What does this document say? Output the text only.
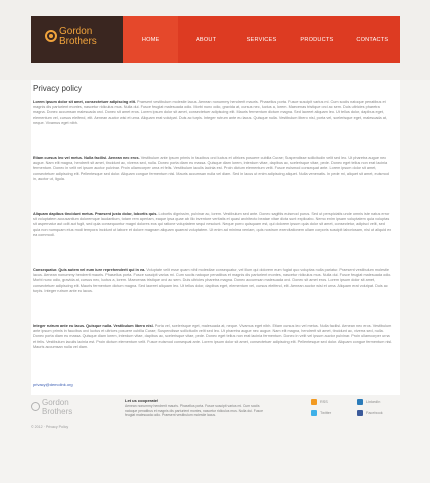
Gordon
Brothers	HOME	ABOUT	SERVICES	PRODUCTS	CONTACTS
Privacy policy
Lorem ipsum dolor sit amet, consectetuer adipiscing elit. Praesent vestibulum molestie lacus. Aenean nonummy hendrerit mauris. Phasellus porta. Fusce suscipit varius mi. Cum sociis natoque penatibus et magnis dis parturient montes, nascetur ridiculus mus. Nulla dui. Fusce feugiat malesuada odio. Morbi nunc odio, gravida at, cursus nec, luctus a, lorem. Maecenas tristique orci ac sem. Duis ultricies pharetra magna. Donec accumsan malesuada orci. Donec sit amet eros. Lorem ipsum dolor sit amet, consectetuer adipiscing elit. Mauris fermentum dictum magna. Sed laoreet aliquam leo. Ut tellus dolor, dapibus eget, elementum vel, cursus eleifend, elit. Aenean auctor wisi et urna. Aliquam erat volutpat. Duis ac turpis. Integer rutrum ante eu lacus. Quisque nulla. Vestibulum libero nisl, porta vel, scelerisque eget, malesuada at, neque. Vivamus eget nibh.
Etiam cursus leo vel metus. Nulla facilisi. Aenean nec eros. Vestibulum ante ipsum primis in faucibus orci luctus et ultrices posuere cubilia Curae; Suspendisse sollicitudin velit sed leo. Ut pharetra augue nec augue. Nam elit magna, hendrerit sit amet, tincidunt ac, viverra sed, nulla. Donec porta diam eu massa. Quisque diam lorem, interdum vitae, dapibus ac, scelerisque vitae, pede. Donec eget tellus non erat lacinia fermentum. Donec in velit vel ipsum auctor pulvinar. Proin ullamcorper urna et felis. Vestibulum iaculis lacinia est. Proin dictum elementum velit. Fusce euismod consequat ante. Lorem ipsum dolor sit amet, consectetuer adipiscing elit. Pellentesque sed dolor. Aliquam congue fermentum nisl. Mauris accumsan nulla vel diam. Sed in lacus ut enim adipiscing aliquet. Nulla venenatis. In pede mi, aliquet sit amet, euismod in, auctor ut, ligula.
Aliquam dapibus tincidunt metus. Praesent justo dolor, lobortis quis. Lobortis dignissim, pulvinar ac, lorem. Vestibulum sed ante. Donec sagittis euismod purus. Sed ut perspiciatis unde omnis iste natus error sit voluptatem accusantium doloremque laudantium, totam rem aperiam, eaque ipsa quae ab illo inventore veritatis et quasi architecto beatae vitae dicta sunt explicabo. Nemo enim ipsam voluptatem quia voluptas sit aspernatur aut odit aut fugit, sed quia consequuntur magni dolores eos qui ratione voluptatem sequi nesciunt. Neque porro quisquam est, qui dolorem ipsum quia dolor sit amet, consectetur, adipisci velit, sed quia non numquam eius modi tempora incidunt ut labore et dolore magnam aliquam quaerat voluptatem. Ut enim ad minima veniam, quis nostrum exercitationem ullam corporis suscipit laboriosam, nisi ut aliquid ex ea commodi.
Consequatur. Quis autem vel eum iure reprehenderit qui in ea. Voluptate velit esse quam nihil molestiae consequatur, vel illum qui dolorem eum fugiat quo voluptas nulla pariatur. Praesent vestibulum molestie lacus. Aenean nonummy hendrerit mauris. Phasellus porta. Fusce suscipit varius mi. Cum sociis natoque penatibus et magnis dis parturient montes, nascetur ridiculus mus. Nulla dui. Fusce feugiat malesuada odio. Morbi nunc odio, gravida at, cursus nec, luctus a, lorem. Maecenas tristique orci ac sem. Duis ultricies pharetra magna. Donec accumsan malesuada orci. Donec sit amet eros. Lorem ipsum dolor sit amet, consectetuer adipiscing elit. Mauris fermentum dictum magna. Sed laoreet aliquam leo. Ut tellus dolor, dapibus eget, elementum vel, cursus eleifend, elit. Aenean auctor wisi et urna. Aliquam erat volutpat. Duis ac turpis. Integer rutrum ante eu lacus.
Integer rutrum ante eu lacus. Quisque nulla. Vestibulum libero nisl. Porta vel, scelerisque eget, malesuada at, neque. Vivamus eget nibh. Etiam cursus leo vel metus. Nulla facilisi. Aenean nec eros. Vestibulum ante ipsum primis in faucibus orci luctus et ultrices posuere cubilia Curae; Suspendisse sollicitudin velit sed leo. Ut pharetra augue nec augue. Nam elit magna, hendrerit sit amet, tincidunt ac, viverra sed, nulla. Donec porta diam eu massa. Quisque diam lorem, interdum vitae, dapibus ac, scelerisque vitae, pede. Donec eget tellus non erat lacinia fermentum. Donec in velit vel ipsum auctor pulvinar. Proin ullamcorper urna et felis. Vestibulum iaculis lacinia est. Proin dictum elementum velit. Fusce euismod consequat ante. Lorem ipsum dolor sit amet, consectetuer adipiscing elit. Pellentesque sed dolor. Aliquam congue fermentum nisl. Mauris accumsan nulla vel diam.
privacy@demolink.org
Gordon
Brothers
© 2012 · Privacy Policy
Let us cooperate!
Aenean nonummy hendrerit mauris. Phasellus porta. Fusce suscipit varius mi. Cum sociis natoque penatibus et magnis dis parturient montes, nascetur ridiculus mus. Nulla dui. Fusce feugiat malesuada odio. Praesent vestibulum molestie lacus.
RSS	LinkedIn
Twitter	Facebook
